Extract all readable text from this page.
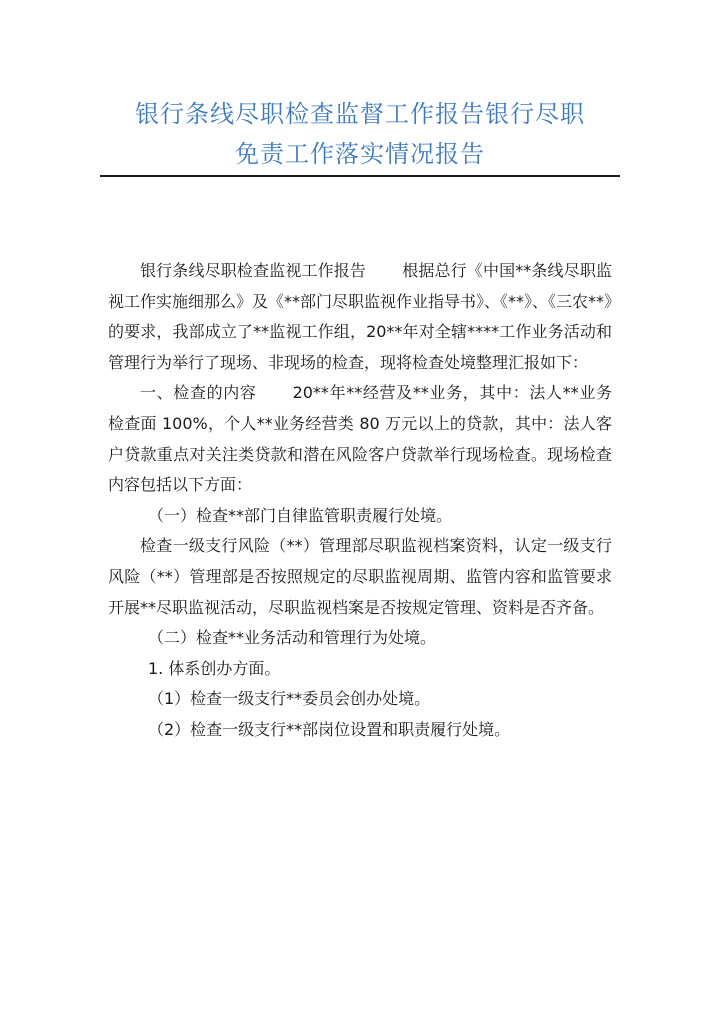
银行条线尽职检查监督工作报告银行尽职
免责工作落实情况报告

银行条线尽职检查监视工作报告 根据总行《中国**条线尽职监视工作实施细那么》及《**部门尽职监视作业指导书》、《**》、《三农**》的要求，我部成立了**监视工作组，20**年对全辖****工作业务活动和管理行为举行了现场、非现场的检查，现将检查处境整理汇报如下：

一、检查的内容 20**年**经营及**业务，其中：法人**业务检查面 100%，个人**业务经营类 80 万元以上的贷款，其中：法人客户贷款重点对关注类贷款和潜在风险客户贷款举行现场检查。现场检查内容包括以下方面：

（一）检查**部门自律监管职责履行处境。

检查一级支行风险（**）管理部尽职监视档案资料，认定一级支行风险（**）管理部是否按照规定的尽职监视周期、监管内容和监管要求开展**尽职监视活动，尽职监视档案是否按规定管理、资料是否齐备。

（二）检查**业务活动和管理行为处境。

1. 体系创办方面。

（1）检查一级支行**委员会创办处境。

（2）检查一级支行**部岗位设置和职责履行处境。
